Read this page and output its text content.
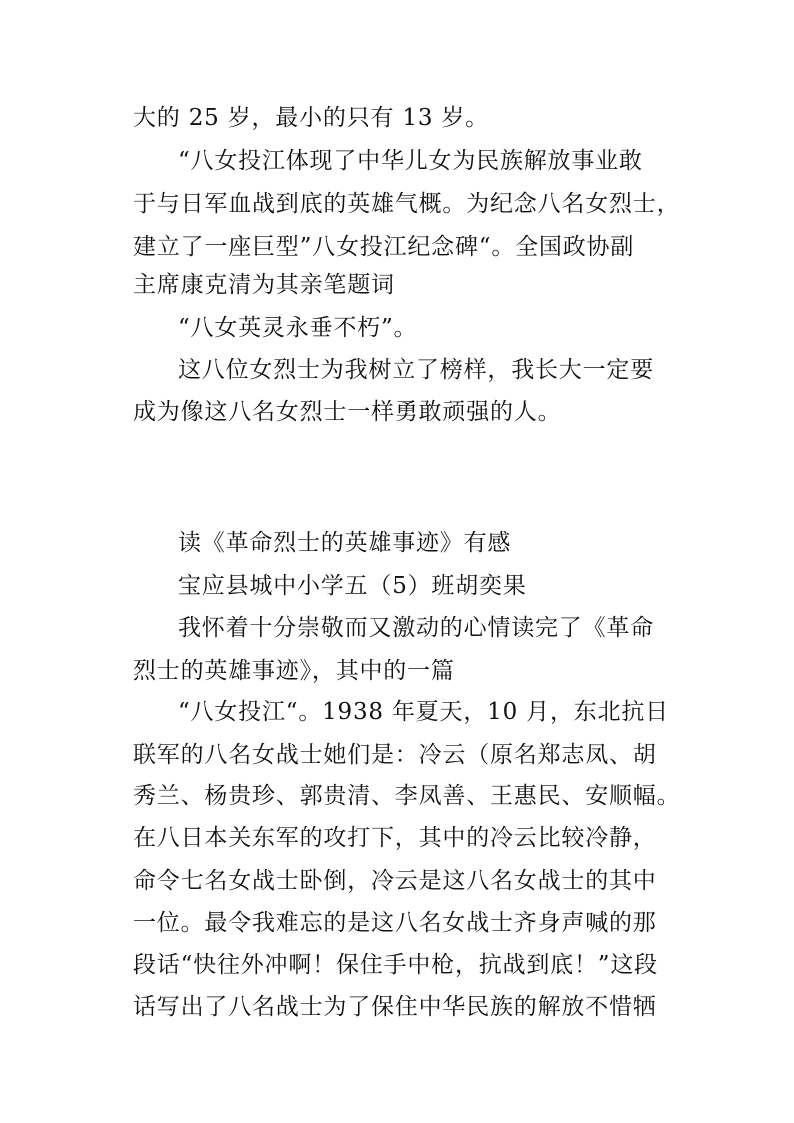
大的 25 岁，最小的只有 13 岁。
“八女投江体现了中华儿女为民族解放事业敢
于与日军血战到底的英雄气概。为纪念八名女烈士，
建立了一座巨型”八女投江纪念碑“。全国政协副
主席康克清为其亲笔题词
“八女英灵永垂不朽”。
这八位女烈士为我树立了榜样，我长大一定要
成为像这八名女烈士一样勇敢顽强的人。
读《革命烈士的英雄事迹》有感
宝应县城中小学五（5）班胡奕果
我怀着十分崇敬而又激动的心情读完了《革命
烈士的英雄事迹》，其中的一篇
“八女投江“。1938 年夏天，10 月，东北抗日
联军的八名女战士她们是：冷云（原名郑志凤、胡
秀兰、杨贵珍、郭贵清、李凤善、王惠民、安顺幅。
在八日本关东军的攻打下，其中的冷云比较冷静，
命令七名女战士卧倒，冷云是这八名女战士的其中
一位。最令我难忘的是这八名女战士齐身声喊的那
段话“快往外冲啊！保住手中枪，抗战到底！”这段
话写出了八名战士为了保住中华民族的解放不惜牺
